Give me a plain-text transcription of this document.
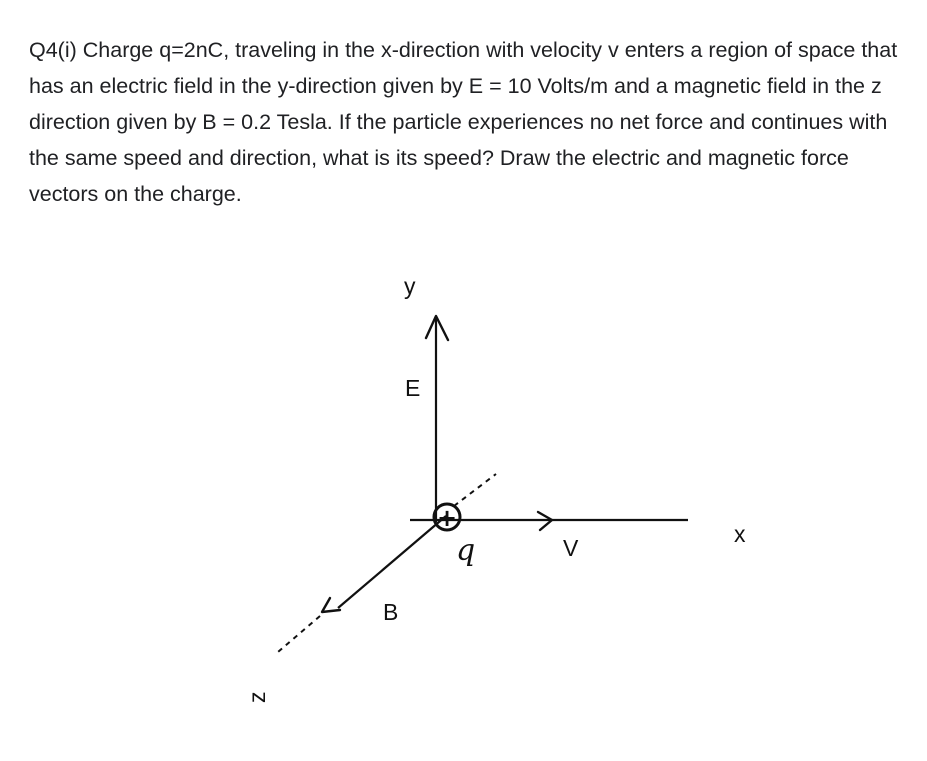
Q4(i) Charge q=2nC, traveling in the x-direction with velocity v enters a region of space that has an electric field in the y-direction given by E = 10 Volts/m and a magnetic field in the z direction given by B = 0.2 Tesla. If the particle experiences no net force and continues with the same speed and direction, what is its speed? Draw the electric and magnetic force vectors on the charge.

+
y
E
V
x
q
B
z
